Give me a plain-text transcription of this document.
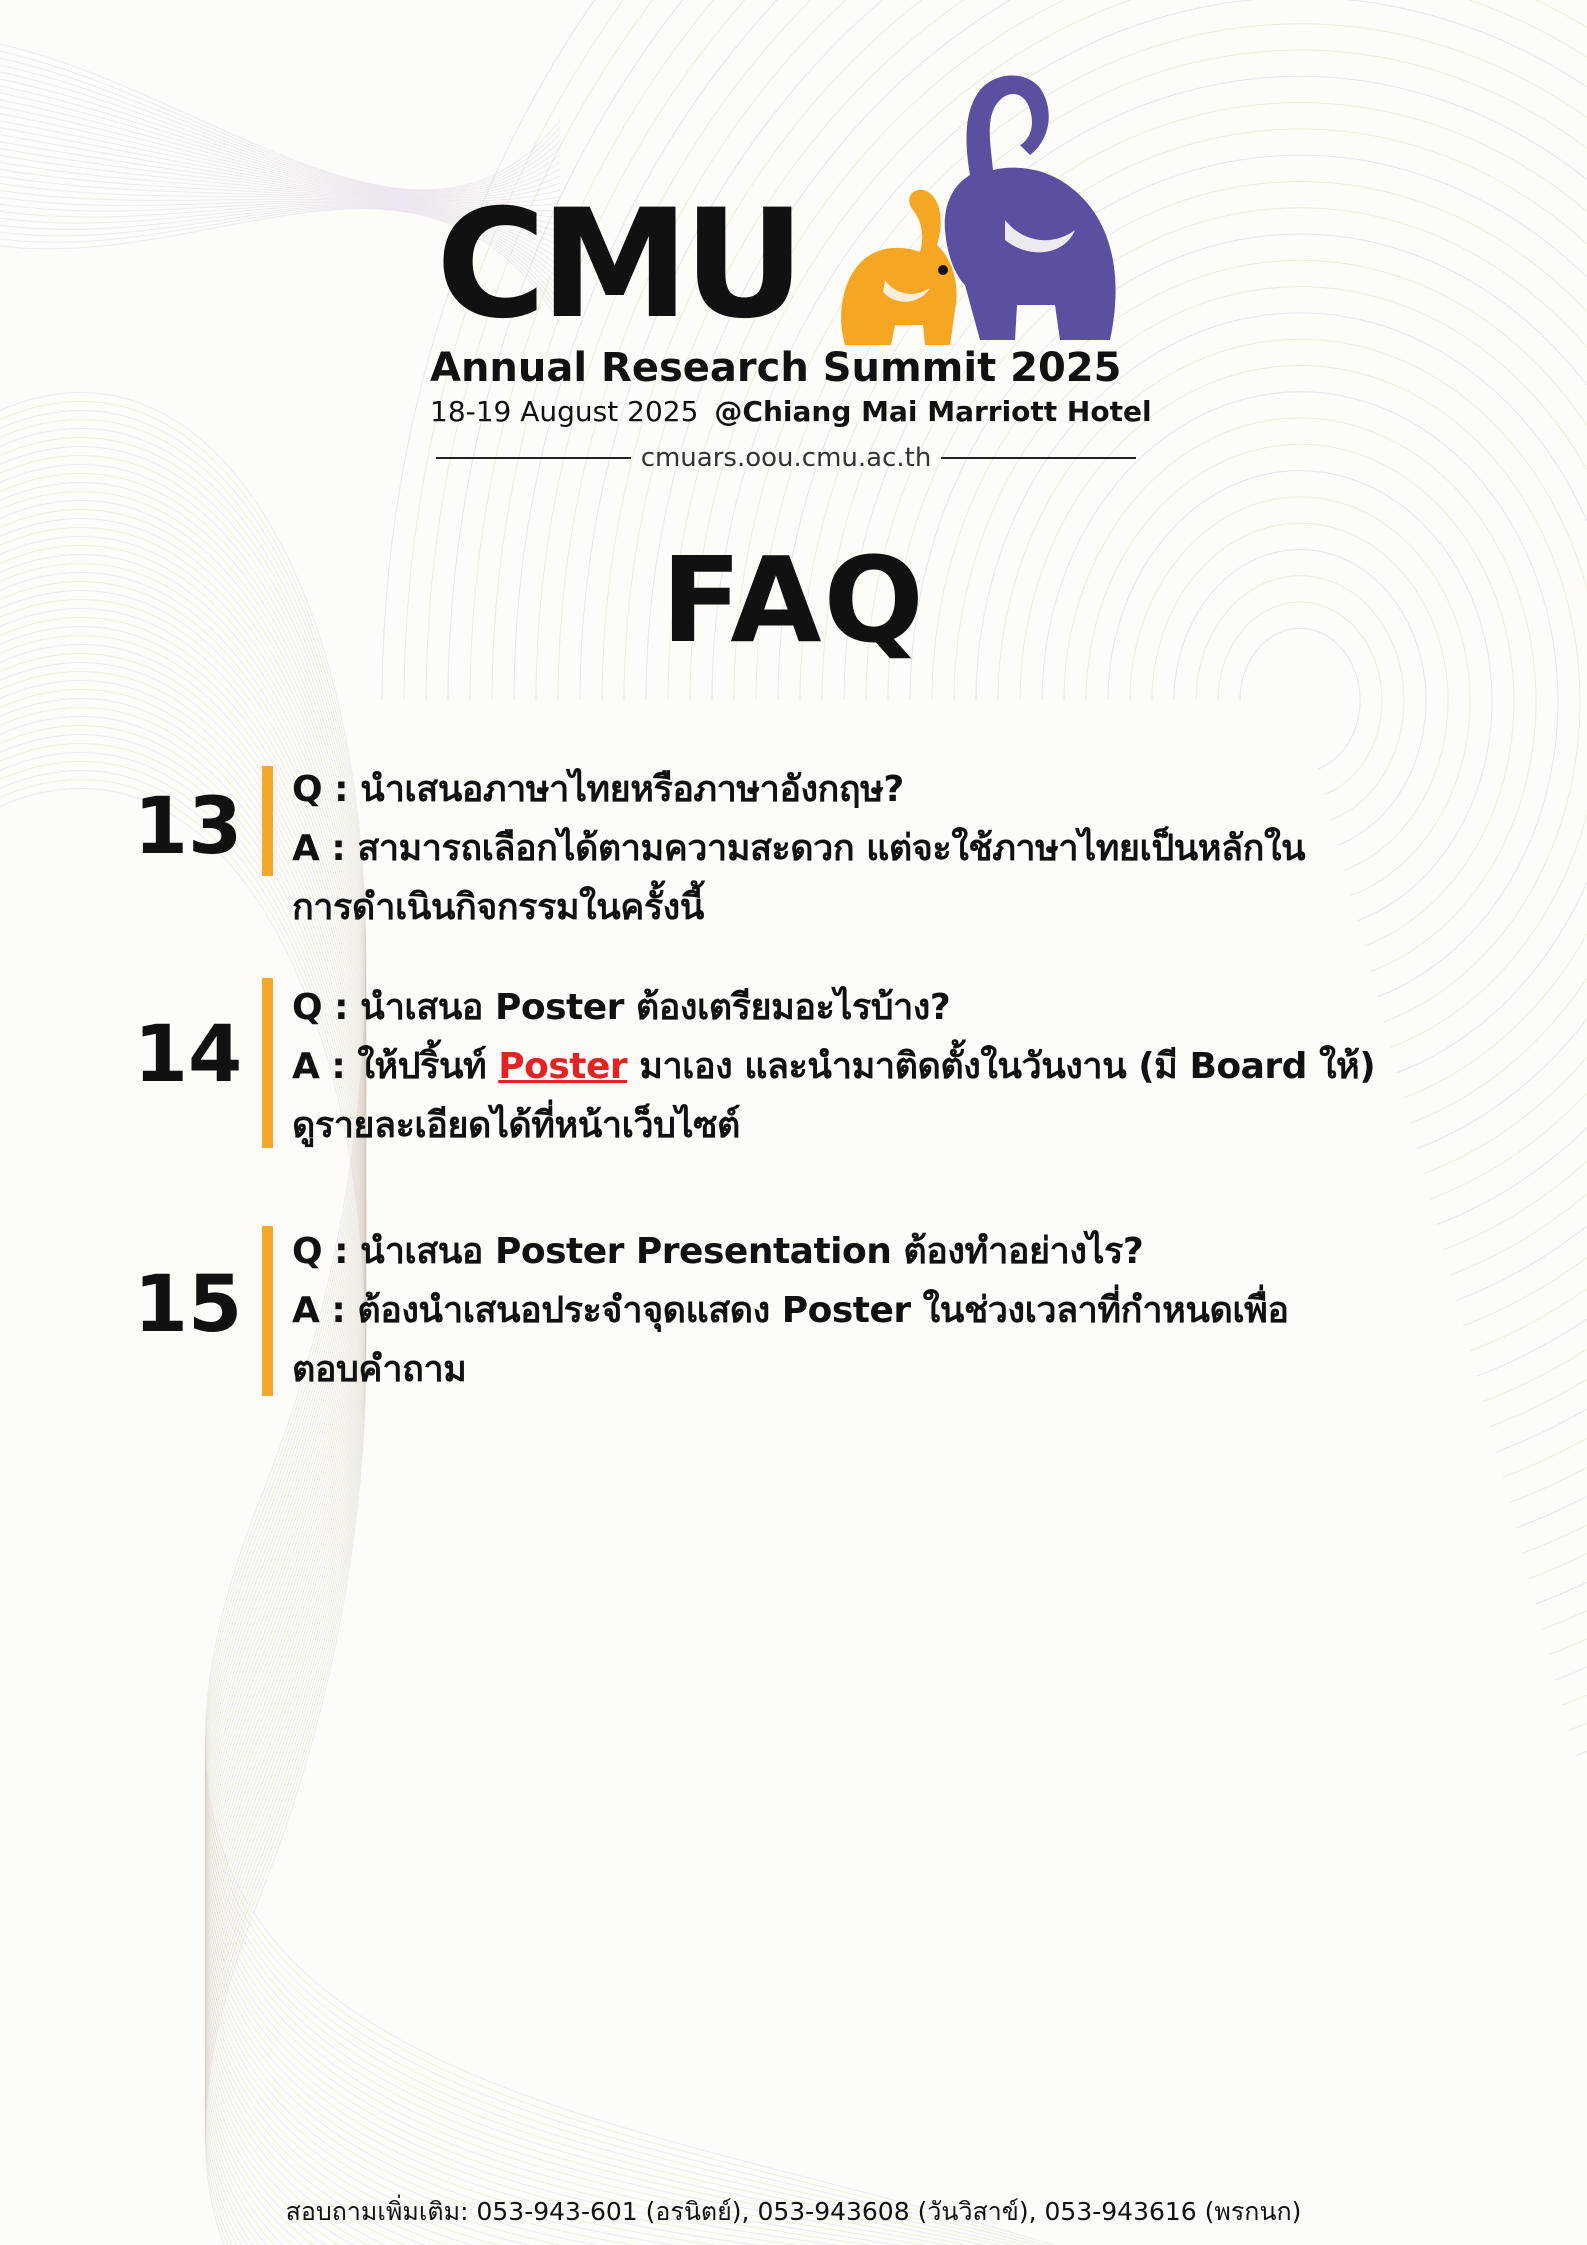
CMU
Annual Research Summit 2025
18-19 August 2025 @Chiang Mai Marriott Hotel
cmuars.oou.cmu.ac.th
FAQ
13 Q : นำเสนอภาษาไทยหรือภาษาอังกฤษ?

A : สามารถเลือกได้ตามความสะดวก แต่จะใช้ภาษาไทยเป็นหลักใน

การดำเนินกิจกรรมในครั้งนี้

14

Q : นำเสนอ Poster ต้องเตรียมอะไรบ้าง?

A : ให้ปริ้นท์ Poster มาเอง และนำมาติดตั้งในวันงาน (มี Board ให้)

ดูรายละเอียดได้ที่หน้าเว็บไซต์

15

Q : นำเสนอ Poster Presentation ต้องทำอย่างไร?

A : ต้องนำเสนอประจำจุดแสดง Poster ในช่วงเวลาที่กำหนดเพื่อ

ตอบคำถาม

สอบถามเพิ่มเติม: 053-943-601 (อรนิตย์), 053-943608 (วันวิสาข์), 053-943616 (พรกนก)
